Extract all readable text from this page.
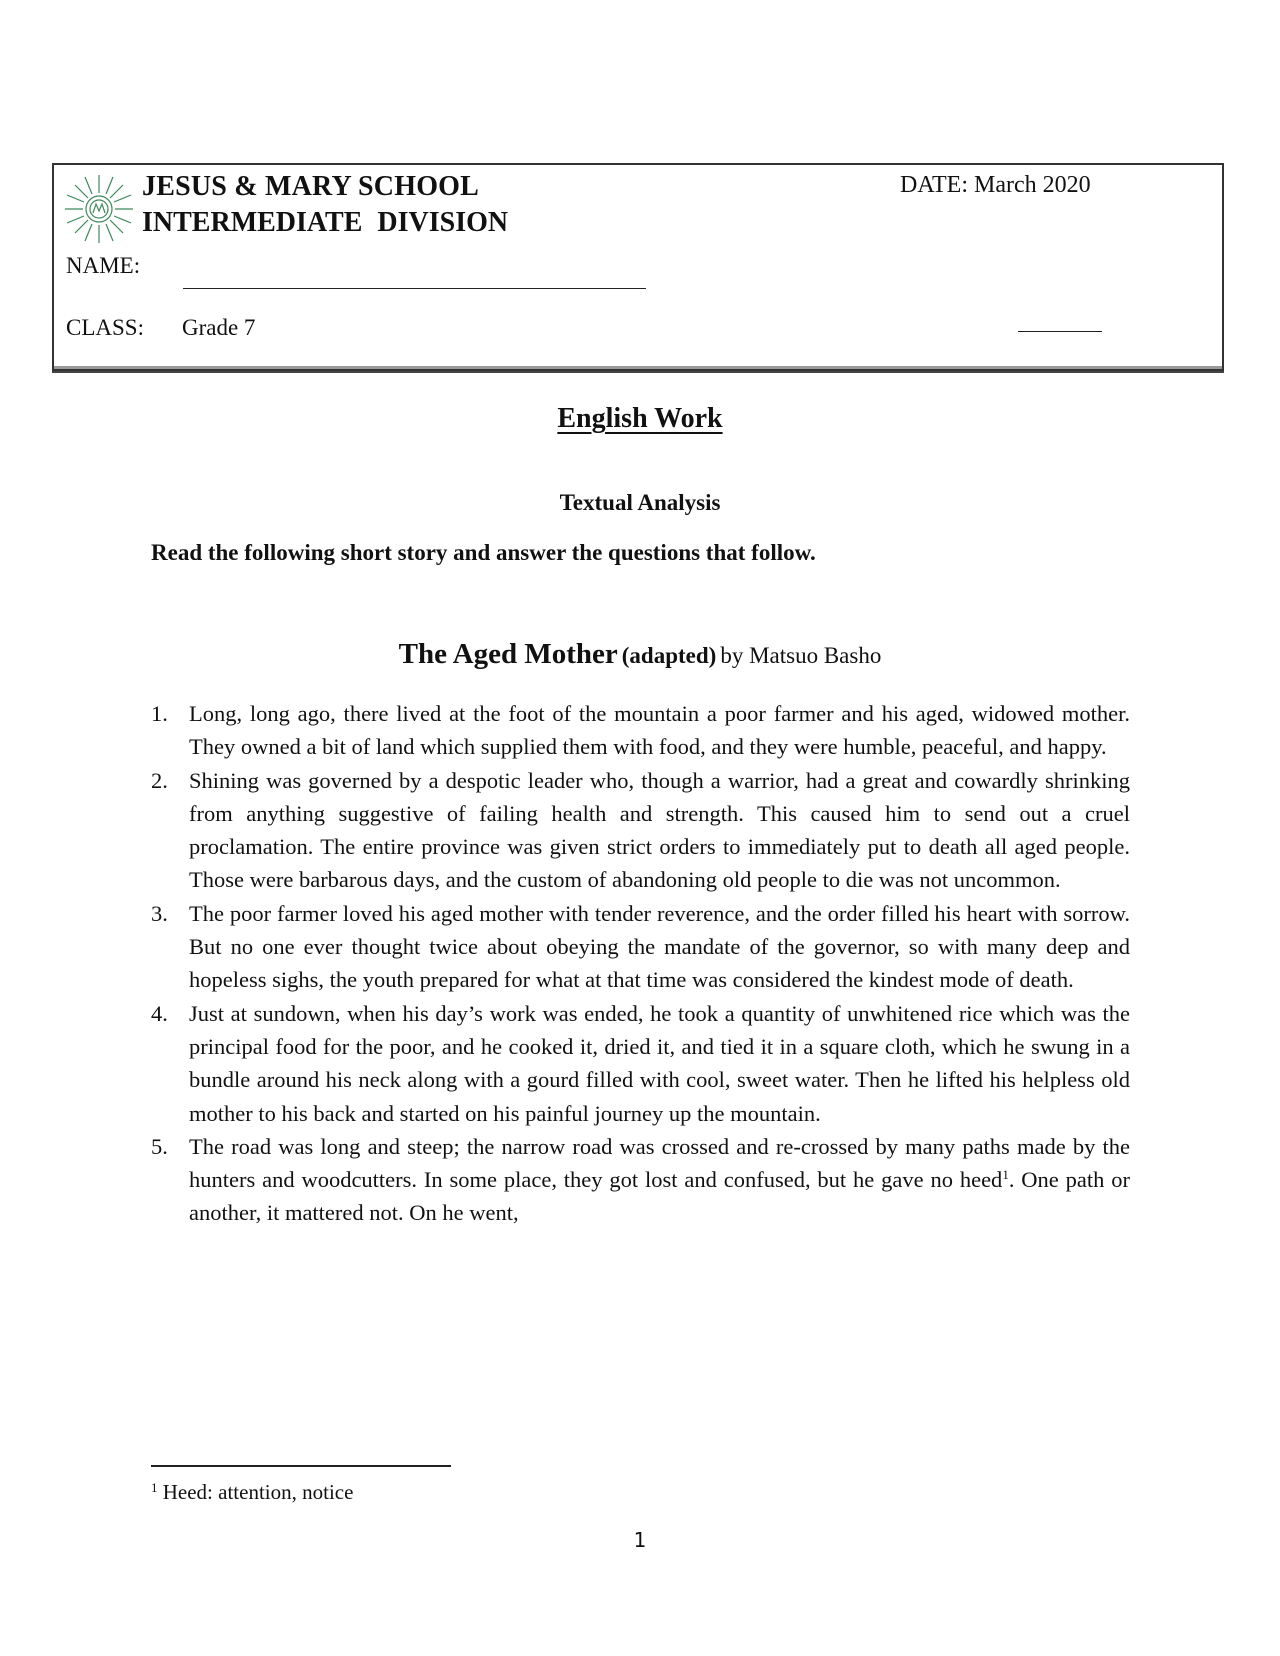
JESUS & MARY SCHOOL
INTERMEDIATE DIVISION
DATE: March 2020
NAME:
CLASS: Grade 7
English Work
Textual Analysis
Read the following short story and answer the questions that follow.
The Aged Mother (adapted) by Matsuo Basho
1. Long, long ago, there lived at the foot of the mountain a poor farmer and his aged, widowed mother. They owned a bit of land which supplied them with food, and they were humble, peaceful, and happy.
2. Shining was governed by a despotic leader who, though a warrior, had a great and cowardly shrinking from anything suggestive of failing health and strength. This caused him to send out a cruel proclamation. The entire province was given strict orders to immediately put to death all aged people. Those were barbarous days, and the custom of abandoning old people to die was not uncommon.
3. The poor farmer loved his aged mother with tender reverence, and the order filled his heart with sorrow. But no one ever thought twice about obeying the mandate of the governor, so with many deep and hopeless sighs, the youth prepared for what at that time was considered the kindest mode of death.
4. Just at sundown, when his day’s work was ended, he took a quantity of unwhitened rice which was the principal food for the poor, and he cooked it, dried it, and tied it in a square cloth, which he swung in a bundle around his neck along with a gourd filled with cool, sweet water. Then he lifted his helpless old mother to his back and started on his painful journey up the mountain.
5. The road was long and steep; the narrow road was crossed and re-crossed by many paths made by the hunters and woodcutters. In some place, they got lost and confused, but he gave no heed$^1$. One path or another, it mattered not. On he went,
$^1$ Heed: attention, notice
1
